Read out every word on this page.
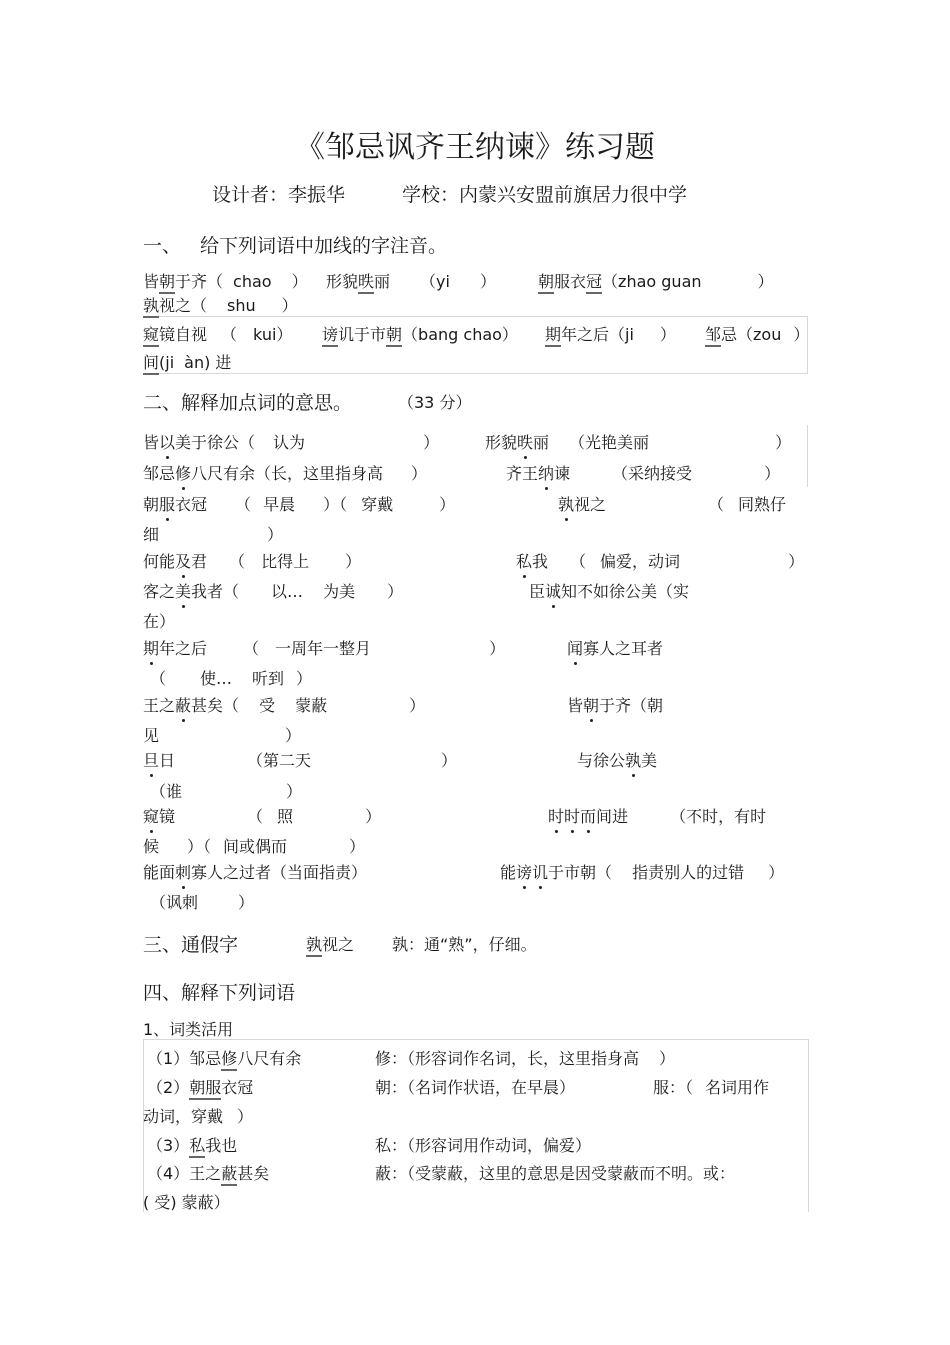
《邹忌讽齐王纳谏》练习题
设计者：李振华	学校：内蒙兴安盟前旗居力很中学
一、 给下列词语中加线的字注音。
皆朝于齐（ chao ） 形貌昳丽 （yi ）	朝服衣冠（zhao guan	）
孰视之（ shu ）
窥镜自视 （ kui） 谤讥于市朝（bang chao） 期年之后（ji ） 邹忌（zou ）
间(ji àn) 进
二、解释加点词的意思。	（33 分）
皆以美于徐公（ 认为	）	形貌昳丽 （光艳美丽	）
邹忌修八尺有余（长，这里指身高 ）	齐王纳谏	（采纳接受	）
朝服衣冠 （ 早晨 ）（ 穿戴	）	孰视之	（ 同熟仔
细	）
何能及君 （ 比得上 ）	私我 （ 偏爱，动词	）
客之美我者（ 以… 为美 ）	臣诚知不如徐公美（实
在）
期年之后 （ 一周年一整月	）	闻寡人之耳者
（ 使… 听到 ）
王之蔽甚矣（ 受 蒙蔽	）	皆朝于齐（朝
见	）
旦日	（第二天	）	与徐公孰美
（谁	）
窥镜	（ 照	）	时时而间进	（不时，有时
候 ）（ 间或偶而	）
能面刺寡人之过者（当面指责）	能谤讥于市朝（ 指责别人的过错 ）
（讽刺	）
三、通假字	孰视之 孰：通“熟”，仔细。
四、解释下列词语
1、词类活用
（1）邹忌修八尺有余	修：（形容词作名词，长，这里指身高 ）
（2）朝服衣冠	朝：（名词作状语，在早晨）	服：（ 名词用作
动词，穿戴 ）
（3）私我也	私：（形容词用作动词，偏爱）
（4）王之蔽甚矣	蔽：（受蒙蔽，这里的意思是因受蒙蔽而不明。或：
( 受) 蒙蔽）
